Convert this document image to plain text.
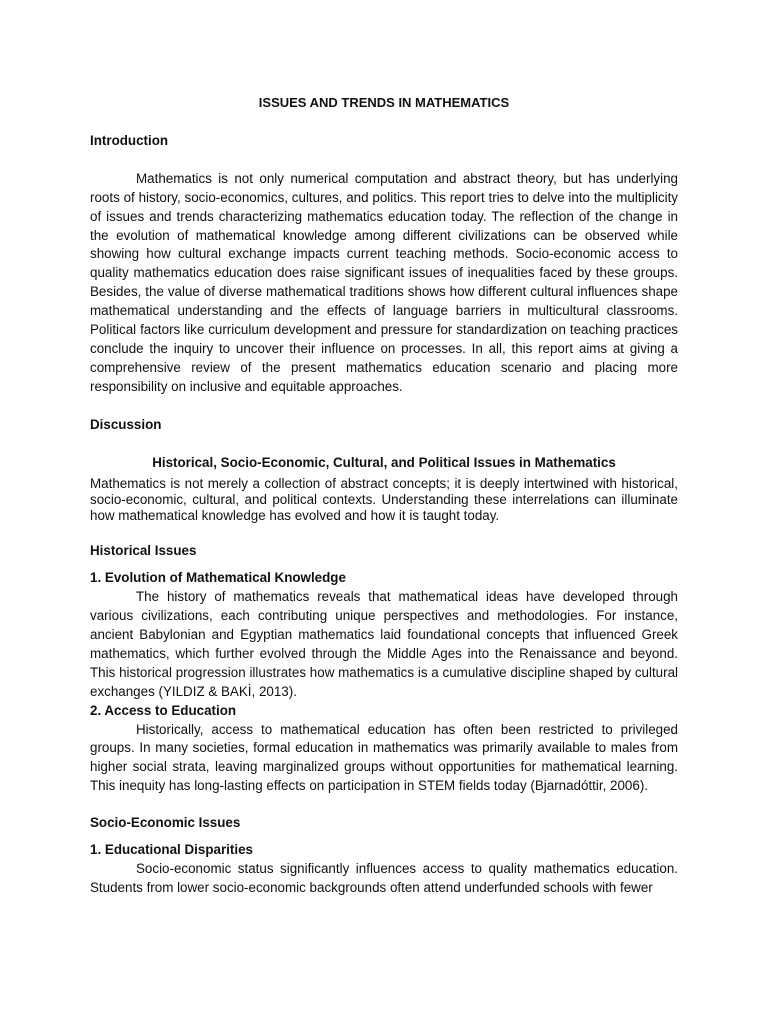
ISSUES AND TRENDS IN MATHEMATICS
Introduction

Mathematics is not only numerical computation and abstract theory, but has underlying roots of history, socio-economics, cultures, and politics. This report tries to delve into the multiplicity of issues and trends characterizing mathematics education today. The reflection of the change in the evolution of mathematical knowledge among different civilizations can be observed while showing how cultural exchange impacts current teaching methods. Socio-economic access to quality mathematics education does raise significant issues of inequalities faced by these groups. Besides, the value of diverse mathematical traditions shows how different cultural influences shape mathematical understanding and the effects of language barriers in multicultural classrooms. Political factors like curriculum development and pressure for standardization on teaching practices conclude the inquiry to uncover their influence on processes. In all, this report aims at giving a comprehensive review of the present mathematics education scenario and placing more responsibility on inclusive and equitable approaches.

Discussion
Historical, Socio-Economic, Cultural, and Political Issues in Mathematics

Mathematics is not merely a collection of abstract concepts; it is deeply intertwined with historical, socio-economic, cultural, and political contexts. Understanding these interrelations can illuminate how mathematical knowledge has evolved and how it is taught today.

Historical Issues
1. Evolution of Mathematical Knowledge

The history of mathematics reveals that mathematical ideas have developed through various civilizations, each contributing unique perspectives and methodologies. For instance, ancient Babylonian and Egyptian mathematics laid foundational concepts that influenced Greek mathematics, which further evolved through the Middle Ages into the Renaissance and beyond. This historical progression illustrates how mathematics is a cumulative discipline shaped by cultural exchanges (YILDIZ & BAKİ, 2013).

2. Access to Education

Historically, access to mathematical education has often been restricted to privileged groups. In many societies, formal education in mathematics was primarily available to males from higher social strata, leaving marginalized groups without opportunities for mathematical learning. This inequity has long-lasting effects on participation in STEM fields today (Bjarnadóttir, 2006).

Socio-Economic Issues
1. Educational Disparities

Socio-economic status significantly influences access to quality mathematics education. Students from lower socio-economic backgrounds often attend underfunded schools with fewer
